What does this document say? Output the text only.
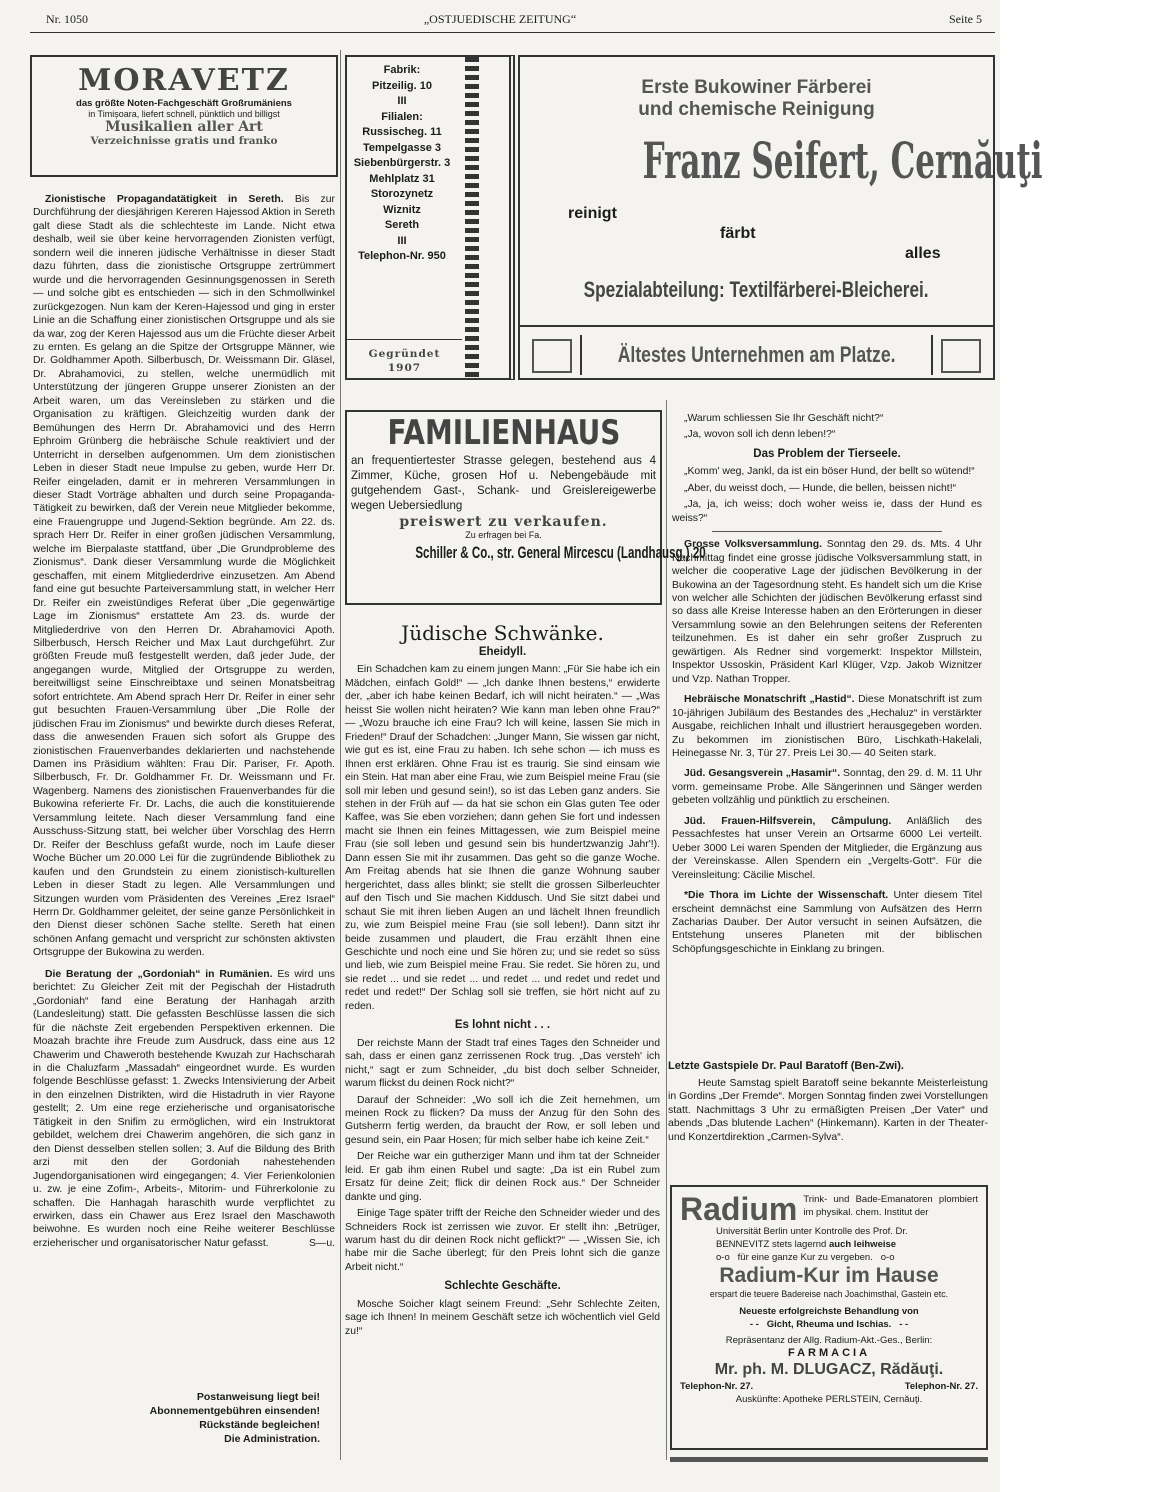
Nr. 1050	„OSTJUEDISCHE ZEITUNG“	Seite 5
MORAVETZ
das größte Noten-Fachgeschäft Großrumäniens
in Timișoara, liefert schnell, pünktlich und billigst
Musikalien aller Art
Verzeichnisse gratis und franko
Fabrik:
Pitzeilig. 10
III
Filialen:
Russischeg. 11
Tempelgasse 3
Siebenbürgerstr. 3
Mehlplatz 31
Storozynetz
Wiznitz
Sereth
III
Telephon-Nr. 950
Gegründet
1907
Erste Bukowiner Färberei
und chemische Reinigung
Franz Seifert, Cernăuţi
reinigt
färbt
alles
Spezialabteilung: Textilfärberei-Bleicherei.
Ältestes Unternehmen am Platze.

Zionistische Propagandatätigkeit in Sereth. Bis zur Durchführung der diesjährigen Kereren Hajessod Aktion in Sereth galt diese Stadt als die schlechteste im Lande. Nicht etwa deshalb, weil sie über keine hervorragenden Zionisten verfügt, sondern weil die inneren jüdische Verhältnisse in dieser Stadt dazu führten, dass die zionistische Ortsgruppe zertrümmert wurde und die hervorragenden Gesinnungsgenossen in Sereth — und solche gibt es entschieden — sich in den Schmollwinkel zurückgezogen. Nun kam der Keren-Hajessod und ging in erster Linie an die Schaffung einer zionistischen Ortsgruppe und als sie da war, zog der Keren Hajessod aus um die Früchte dieser Arbeit zu ernten. Es gelang an die Spitze der Ortsgruppe Männer, wie Dr. Goldhammer Apoth. Silberbusch, Dr. Weissmann Dir. Gläsel, Dr. Abrahamovici, zu stellen, welche unermüdlich mit Unterstützung der jüngeren Gruppe unserer Zionisten an der Arbeit waren, um das Vereinsleben zu stärken und die Organisation zu kräftigen. Gleichzeitig wurden dank der Bemühungen des Herrn Dr. Abrahamovici und des Herrn Ephroim Grünberg die hebräische Schule reaktiviert und der Unterricht in derselben aufgenommen. Um dem zionistischen Leben in dieser Stadt neue Impulse zu geben, wurde Herr Dr. Reifer eingeladen, damit er in mehreren Versammlungen in dieser Stadt Vorträge abhalten und durch seine Propaganda-Tätigkeit zu bewirken, daß der Verein neue Mitglieder bekomme, eine Frauengruppe und Jugend-Sektion begründe. Am 22. ds. sprach Herr Dr. Reifer in einer großen jüdischen Versammlung, welche im Bierpalaste stattfand, über „Die Grundprobleme des Zionismus“. Dank dieser Versammlung wurde die Möglichkeit geschaffen, mit einem Mitgliederdrive einzusetzen. Am Abend fand eine gut besuchte Parteiversammlung statt, in welcher Herr Dr. Reifer ein zweistündiges Referat über „Die gegenwärtige Lage im Zionismus“ erstattete Am 23. ds. wurde der Mitgliederdrive von den Herren Dr. Abrahamovici Apoth. Silberbusch, Hersch Reicher und Max Laut durchgeführt. Zur größten Freude muß festgestellt werden, daß jeder Jude, der angegangen wurde, Mitglied der Ortsgruppe zu werden, bereitwilligst seine Einschreibtaxe und seinen Monatsbeitrag sofort entrichtete. Am Abend sprach Herr Dr. Reifer in einer sehr gut besuchten Frauen-Versammlung über „Die Rolle der jüdischen Frau im Zionismus“ und bewirkte durch dieses Referat, dass die anwesenden Frauen sich sofort als Gruppe des zionistischen Frauenverbandes deklarierten und nachstehende Damen ins Präsidium wählten: Frau Dir. Pariser, Fr. Apoth. Silberbusch, Fr. Dr. Goldhammer Fr. Dr. Weissmann und Fr. Wagenberg. Namens des zionistischen Frauenverbandes für die Bukowina referierte Fr. Dr. Lachs, die auch die konstituierende Versammlung leitete. Nach dieser Versammlung fand eine Ausschuss-Sitzung statt, bei welcher über Vorschlag des Herrn Dr. Reifer der Beschluss gefaßt wurde, noch im Laufe dieser Woche Bücher um 20.000 Lei für die zugründende Bibliothek zu kaufen und den Grundstein zu einem zionistisch-kulturellen Leben in dieser Stadt zu legen. Alle Versammlungen und Sitzungen wurden vom Präsidenten des Vereines „Erez Israel“ Herrn Dr. Goldhammer geleitet, der seine ganze Persönlichkeit in den Dienst dieser schönen Sache stellte. Sereth hat einen schönen Anfang gemacht und verspricht zur schönsten aktivsten Ortsgruppe der Bukowina zu werden.

Die Beratung der „Gordoniah“ in Rumänien. Es wird uns berichtet: Zu Gleicher Zeit mit der Pegischah der Histadruth „Gordoniah“ fand eine Beratung der Hanhagah arzith (Landesleitung) statt. Die gefassten Beschlüsse lassen die sich für die nächste Zeit ergebenden Perspektiven erkennen. Die Moazah brachte ihre Freude zum Ausdruck, dass eine aus 12 Chawerim und Chaweroth bestehende Kwuzah zur Hachscharah in die Chaluzfarm „Massadah“ eingeordnet wurde. Es wurden folgende Beschlüsse gefasst: 1. Zwecks Intensivierung der Arbeit in den einzelnen Distrikten, wird die Histadruth in vier Rayone gestellt; 2. Um eine rege erzieherische und organisatorische Tätigkeit in den Snifim zu ermöglichen, wird ein Instruktorat gebildet, welchem drei Chawerim angehören, die sich ganz in den Dienst desselben stellen sollen; 3. Auf die Bildung des Brith arzi mit den der Gordoniah nahestehenden Jugendorganisationen wird eingegangen; 4. Vier Ferienkolonien u. zw. je eine Zofim-, Arbeits-, Mitorim- und Führerkolonie zu schaffen. Die Hanhagah haraschith wurde verpflichtet zu erwirken, dass ein Chawer aus Erez Israel den Maschawoth beiwohne. Es wurden noch eine Reihe weiterer Beschlüsse erzieherischer und organisatorischer Natur gefasst.	S—u.

Postanweisung liegt bei!
Abonnementgebühren einsenden!
Rückstände begleichen!
Die Administration.
FAMILIENHAUS
an frequentiertester Strasse gelegen, bestehend aus 4 Zimmer, Küche, grosen Hof u. Nebengebäude mit gutgehendem Gast-, Schank- und Greislereigewerbe wegen Uebersiedlung
preiswert zu verkaufen.
Zu erfragen bei Fa.
Schiller & Co., str. General Mircescu (Landhausg.) 20
Jüdische Schwänke.
Eheidyll.

Ein Schadchen kam zu einem jungen Mann: „Für Sie habe ich ein Mädchen, einfach Gold!“ — „Ich danke Ihnen bestens,“ erwiderte der, „aber ich habe keinen Bedarf, ich will nicht heiraten.“ — „Was heisst Sie wollen nicht heiraten? Wie kann man leben ohne Frau?“ — „Wozu brauche ich eine Frau? Ich will keine, lassen Sie mich in Frieden!“ Drauf der Schadchen: „Junger Mann, Sie wissen gar nicht, wie gut es ist, eine Frau zu haben. Ich sehe schon — ich muss es Ihnen erst erklären. Ohne Frau ist es traurig. Sie sind einsam wie ein Stein. Hat man aber eine Frau, wie zum Beispiel meine Frau (sie soll mir leben und gesund sein!), so ist das Leben ganz anders. Sie stehen in der Früh auf — da hat sie schon ein Glas guten Tee oder Kaffee, was Sie eben vorziehen; dann gehen Sie fort und indessen macht sie Ihnen ein feines Mittagessen, wie zum Beispiel meine Frau (sie soll leben und gesund sein bis hundertzwanzig Jahr'!). Dann essen Sie mit ihr zusammen. Das geht so die ganze Woche. Am Freitag abends hat sie Ihnen die ganze Wohnung sauber hergerichtet, dass alles blinkt; sie stellt die grossen Silberleuchter auf den Tisch und Sie machen Kiddusch. Und Sie sitzt dabei und schaut Sie mit ihren lieben Augen an und lächelt Ihnen freundlich zu, wie zum Beispiel meine Frau (sie soll leben!). Dann sitzt ihr beide zusammen und plaudert, die Frau erzählt Ihnen eine Geschichte und noch eine und Sie hören zu; und sie redet so süss und lieb, wie zum Beispiel meine Frau. Sie redet. Sie hören zu, und sie redet ... und sie redet ... und redet ... und redet und redet und redet und redet!“ Der Schlag soll sie treffen, sie hört nicht auf zu reden.

Es lohnt nicht . . .

Der reichste Mann der Stadt traf eines Tages den Schneider und sah, dass er einen ganz zerrissenen Rock trug. „Das versteh' ich nicht,“ sagt er zum Schneider, „du bist doch selber Schneider, warum flickst du deinen Rock nicht?“

Darauf der Schneider: „Wo soll ich die Zeit hernehmen, um meinen Rock zu flicken? Da muss der Anzug für den Sohn des Gutsherrn fertig werden, da braucht der Row, er soll leben und gesund sein, ein Paar Hosen; für mich selber habe ich keine Zeit.“

Der Reiche war ein gutherziger Mann und ihm tat der Schneider leid. Er gab ihm einen Rubel und sagte: „Da ist ein Rubel zum Ersatz für deine Zeit; flick dir deinen Rock aus.“ Der Schneider dankte und ging.

Einige Tage später trifft der Reiche den Schneider wieder und des Schneiders Rock ist zerrissen wie zuvor. Er stellt ihn: „Betrüger, warum hast du dir deinen Rock nicht geflickt?“ — „Wissen Sie, ich habe mir die Sache überlegt; für den Preis lohnt sich die ganze Arbeit nicht.“

Schlechte Geschäfte.

Mosche Soicher klagt seinem Freund: „Sehr Schlechte Zeiten, sage ich Ihnen! In meinem Geschäft setze ich wöchentlich viel Geld zu!“

„Warum schliessen Sie Ihr Geschäft nicht?“

„Ja, wovon soll ich denn leben!?“

Das Problem der Tierseele.

„Komm' weg, Jankl, da ist ein böser Hund, der bellt so wütend!“

„Aber, du weisst doch, — Hunde, die bellen, beissen nicht!“

„Ja, ja, ich weiss; doch woher weiss ie, dass der Hund es weiss?“

Grosse Volksversammlung. Sonntag den 29. ds. Mts. 4 Uhr Nachmittag findet eine grosse jüdische Volksversammlung statt, in welcher die cooperative Lage der jüdischen Bevölkerung in der Bukowina an der Tagesordnung steht. Es handelt sich um die Krise von welcher alle Schichten der jüdischen Bevölkerung erfasst sind so dass alle Kreise Interesse haben an den Erörterungen in dieser Versammlung sowie an den Belehrungen seitens der Referenten teilzunehmen. Es ist daher ein sehr großer Zuspruch zu gewärtigen. Als Redner sind vorgemerkt: Inspektor Millstein, Inspektor Ussoskin, Präsident Karl Klüger, Vzp. Jakob Wiznitzer und Vzp. Nathan Tropper.

Hebräische Monatschrift „Hastid“. Diese Monatschrift ist zum 10-jährigen Jubiläum des Bestandes des „Hechaluz“ in verstärkter Ausgabe, reichlichen Inhalt und illustriert herausgegeben worden. Zu bekommen im zionistischen Büro, Lischkath-Hakelali, Heinegasse Nr. 3, Tür 27. Preis Lei 30.— 40 Seiten stark.

Jüd. Gesangsverein „Hasamir“. Sonntag, den 29. d. M. 11 Uhr vorm. gemeinsame Probe. Alle Sängerinnen und Sänger werden gebeten vollzählig und pünktlich zu erscheinen.

Jüd. Frauen-Hilfsverein, Câmpulung. Anläßlich des Pessachfestes hat unser Verein an Ortsarme 6000 Lei verteilt. Ueber 3000 Lei waren Spenden der Mitglieder, die Ergänzung aus der Vereinskasse. Allen Spendern ein „Vergelts-Gott“. Für die Vereinsleitung: Cäcilie Mischel.

*Die Thora im Lichte der Wissenschaft. Unter diesem Titel erscheint demnächst eine Sammlung von Aufsätzen des Herrn Zacharias Dauber. Der Autor versucht in seinen Aufsätzen, die Entstehung unseres Planeten mit der biblischen Schöpfungsgeschichte in Einklang zu bringen.

Letzte Gastspiele Dr. Paul Baratoff (Ben-Zwi).

Heute Samstag spielt Baratoff seine bekannte Meisterleistung in Gordins „Der Fremde“. Morgen Sonntag finden zwei Vorstellungen statt. Nachmittags 3 Uhr zu ermäßigten Preisen „Der Vater“ und abends „Das blutende Lachen“ (Hinkemann). Karten in der Theater- und Konzertdirektion „Carmen-Sylva“.

Radium Trink- und Bade-Emanatoren plombiert im physikal. chem. Institut der
Universität Berlin unter Kontrolle des Prof. Dr.
BENNEVITZ stets lagernd auch leihweise
o-o   für eine ganze Kur zu vergeben.   o-o
Radium-Kur im Hause
erspart die teuere Badereise nach Joachimsthal, Gastein etc.
Neueste erfolgreichste Behandlung von
- -   Gicht, Rheuma und Ischias.   - -
Repräsentanz der Allg. Radium-Akt.-Ges., Berlin:
FARMACIA
Mr. ph. M. DLUGACZ, Rădăuţi.
Telephon-Nr. 27.	Telephon-Nr. 27.
Auskünfte: Apotheke PERLSTEIN, Cernăuţi.
